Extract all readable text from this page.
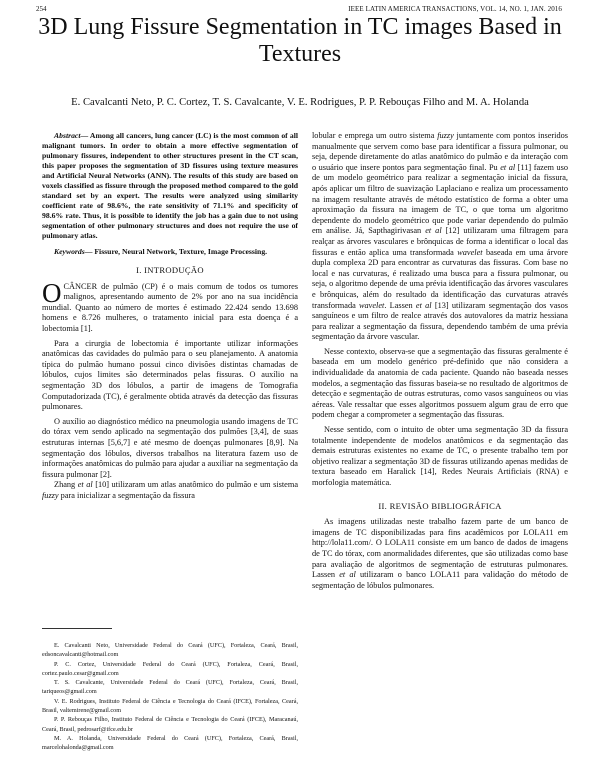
254	IEEE LATIN AMERICA TRANSACTIONS, VOL. 14, NO. 1, JAN. 2016
3D Lung Fissure Segmentation in TC images Based in Textures
E. Cavalcanti Neto, P. C. Cortez, T. S. Cavalcante, V. E. Rodrigues, P. P. Rebouças Filho and M. A. Holanda

Abstract— Among all cancers, lung cancer (LC) is the most common of all malignant tumors. In order to obtain a more effective segmentation of pulmonary fissures, independent to other structures present in the CT scan, this paper proposes the segmentation of 3D fissures using texture measures and Artificial Neural Networks (ANN). The results of this study are based on voxels classified as fissure through the proposed method compared to the gold standard set by an expert. The results were analyzed using similarity coefficient rate of 98.6%, the rate sensitivity of 71.1% and specificity of 98.6% rate. Thus, it is possible to identify the job has a gain due to not using segmentation of other pulmonary structures and does not require the use of pulmonary atlas.

Keywords— Fissure, Neural Network, Texture, Image Processing.

I. INTRODUÇÃO

O CÂNCER de pulmão (CP) é o mais comum de todos os tumores malignos, apresentando aumento de 2% por ano na sua incidência mundial. Quanto ao número de mortes é estimado 22.424 sendo 13.698 homens e 8.726 mulheres, o tratamento inicial para esta doença é a lobectomia [1].

Para a cirurgia de lobectomia é importante utilizar informações anatômicas das cavidades do pulmão para o seu planejamento. A anatomia típica do pulmão humano possui cinco divisões distintas chamadas de lóbulos, cujos limites são determinados pelas fissuras. O auxílio na segmentação 3D dos lóbulos, a partir de imagens de Tomografia Computadorizada (TC), é geralmente obtida através da detecção das fissuras pulmonares.

O auxílio ao diagnóstico médico na pneumologia usando imagens de TC do tórax vem sendo aplicado na segmentação dos pulmões [3,4], de suas estruturas internas [5,6,7] e até mesmo de doenças pulmonares [8,9]. Na segmentação dos lóbulos, diversos trabalhos na literatura fazem uso de informações anatômicas do pulmão para ajudar a auxiliar na segmentação da fissura pulmonar [2].

Zhang et al [10] utilizaram um atlas anatômico do pulmão e um sistema fuzzy para inicializar a segmentação da fissura

E. Cavalcanti Neto, Universidade Federal do Ceará (UFC), Fortaleza, Ceará, Brasil, edsoncavalcanti@hotmail.com

P. C. Cortez, Universidade Federal do Ceará (UFC), Fortaleza, Ceará, Brasil, cortez.paulo.cesar@gmail.com

T. S. Cavalcante, Universidade Federal do Ceará (UFC), Fortaleza, Ceará, Brasil, tariqueos@gmail.com

V. E. Rodrigues, Instituto Federal de Ciência e Tecnologia do Ceará (IFCE), Fortaleza, Ceará, Brasil, valtemirene@gmail.com

P. P. Rebouças Filho, Instituto Federal de Ciência e Tecnologia do Ceará (IFCE), Maracanaú, Ceará, Brasil, pedrosarf@ifce.edu.br

M. A. Holanda, Universidade Federal do Ceará (UFC), Fortaleza, Ceará, Brasil, marcelohalonda@gmail.com

lobular e emprega um outro sistema fuzzy juntamente com pontos inseridos manualmente que servem como base para identificar a fissura pulmonar, ou seja, depende diretamente do atlas anatômico do pulmão e da interação com o usuário que insere pontos para segmentação final. Pu et al [11] fazem uso de um modelo geométrico para realizar a segmentação inicial da fissura, após aplicar um filtro de suavização Laplaciano e realiza um processamento na imagem resultante através de método estatístico de forma a obter uma aproximação da fissura na imagem de TC, o que torna um algoritmo dependente do modelo geométrico que pode variar dependendo do pulmão em análise. Já, Sapthagirivasan et al [12] utilizaram uma filtragem para realçar as árvores vasculares e brônquicas de forma a identificar o local das fissuras e então aplica uma transformada wavelet baseada em uma árvore dupla complexa 2D para encontrar as curvaturas das fissuras. Com base no local e nas curvaturas, é realizado uma busca para a fissura pulmonar, ou seja, o algoritmo depende de uma prévia identificação das árvores vasculares e brônquicas, além do resultado da identificação das curvaturas através transformada wavelet. Lassen et al [13] utilizaram segmentação dos vasos sanguíneos e um filtro de realce através dos autovalores da matriz hessiana para realizar a segmentação da fissura, dependendo também de uma prévia segmentação da árvore vascular.

Nesse contexto, observa-se que a segmentação das fissuras geralmente é baseada em um modelo genérico pré-definido que não considera a individualidade da anatomia de cada paciente. Quando não baseada nesses modelos, a segmentação das fissuras baseia-se no resultado de algoritmos de detecção e segmentação de outras estruturas, como vasos sanguíneos ou vias aéreas. Vale ressaltar que esses algoritmos possuem algum grau de erro que podem chegar a comprometer a segmentação das fissuras.

Nesse sentido, com o intuito de obter uma segmentação 3D da fissura totalmente independente de modelos anatômicos e da segmentação das demais estruturas existentes no exame de TC, o presente trabalho tem por objetivo realizar a segmentação 3D de fissuras utilizando apenas medidas de textura baseado em Haralick [14], Redes Neurais Artificiais (RNA) e morfologia matemática.

II. REVISÃO BIBLIOGRÁFICA

As imagens utilizadas neste trabalho fazem parte de um banco de imagens de TC disponibilizadas para fins acadêmicos por LOLA11 em http://lola11.com/. O LOLA11 consiste em um banco de dados de imagens de TC do tórax, com anormalidades diferentes, que são utilizadas como base para avaliação de algoritmos de segmentação de estruturas pulmonares. Lassen et al utilizaram o banco LOLA11 para validação do método de segmentação de lóbulos pulmonares.
